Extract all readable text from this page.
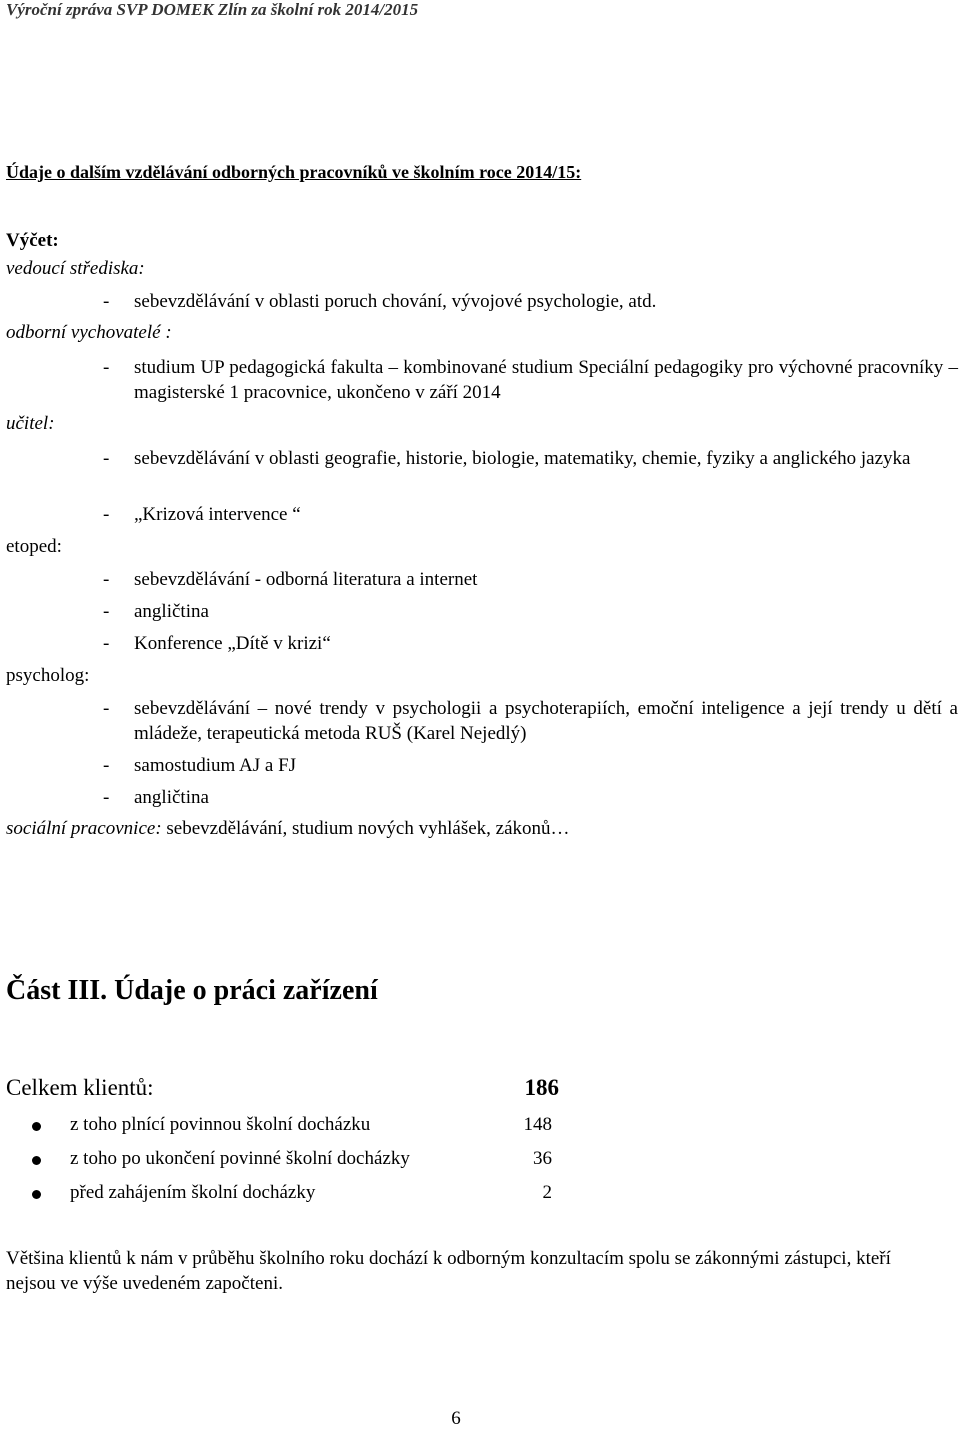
Výroční zpráva SVP DOMEK Zlín za školní rok 2014/2015
Údaje o dalším vzdělávání odborných pracovníků ve školním roce 2014/15:
Výčet:
vedoucí střediska:
- sebevzdělávání v oblasti poruch chování, vývojové psychologie, atd.
odborní vychovatelé :
- studium UP pedagogická fakulta – kombinované studium Speciální pedagogiky pro výchovné pracovníky – magisterské 1 pracovnice, ukončeno v září 2014
učitel:
- sebevzdělávání v oblasti geografie, historie, biologie, matematiky, chemie, fyziky a anglického jazyka
- „Krizová intervence “
etoped:
- sebevzdělávání - odborná literatura a internet
- angličtina
- Konference „Dítě v krizi“
psycholog:
- sebevzdělávání – nové trendy v psychologii a psychoterapiích, emoční inteligence a její trendy u dětí a mládeže, terapeutická metoda RUŠ (Karel Nejedlý)
- samostudium AJ a FJ
- angličtina
sociální pracovnice: sebevzdělávání, studium nových vyhlášek, zákonů…
Část III. Údaje o práci zařízení
Celkem klientů:	186
z toho plnící povinnou školní docházku	148
z toho po ukončení povinné školní docházky	36
před zahájením školní docházky	2
Většina klientů k nám v průběhu školního roku dochází k odborným konzultacím spolu se zákonnými zástupci, kteří nejsou ve výše uvedeném započteni.
6
